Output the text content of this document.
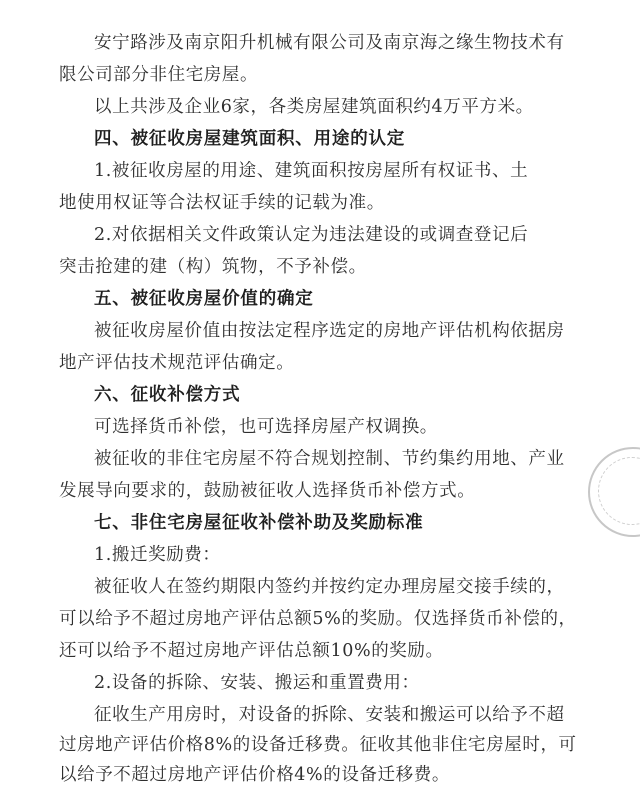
安宁路涉及南京阳升机械有限公司及南京海之缘生物技术有
限公司部分非住宅房屋。
以上共涉及企业6家，各类房屋建筑面积约4万平方米。
四、被征收房屋建筑面积、用途的认定
1.被征收房屋的用途、建筑面积按房屋所有权证书、土
地使用权证等合法权证手续的记载为准。
2.对依据相关文件政策认定为违法建设的或调查登记后
突击抢建的建（构）筑物，不予补偿。
五、被征收房屋价值的确定
被征收房屋价值由按法定程序选定的房地产评估机构依据房
地产评估技术规范评估确定。
六、征收补偿方式
可选择货币补偿，也可选择房屋产权调换。
被征收的非住宅房屋不符合规划控制、节约集约用地、产业
发展导向要求的，鼓励被征收人选择货币补偿方式。
七、非住宅房屋征收补偿补助及奖励标准
1.搬迁奖励费：
被征收人在签约期限内签约并按约定办理房屋交接手续的，
可以给予不超过房地产评估总额5%的奖励。仅选择货币补偿的，
还可以给予不超过房地产评估总额10%的奖励。
2.设备的拆除、安装、搬运和重置费用：
征收生产用房时，对设备的拆除、安装和搬运可以给予不超
过房地产评估价格8%的设备迁移费。征收其他非住宅房屋时，可
以给予不超过房地产评估价格4%的设备迁移费。
